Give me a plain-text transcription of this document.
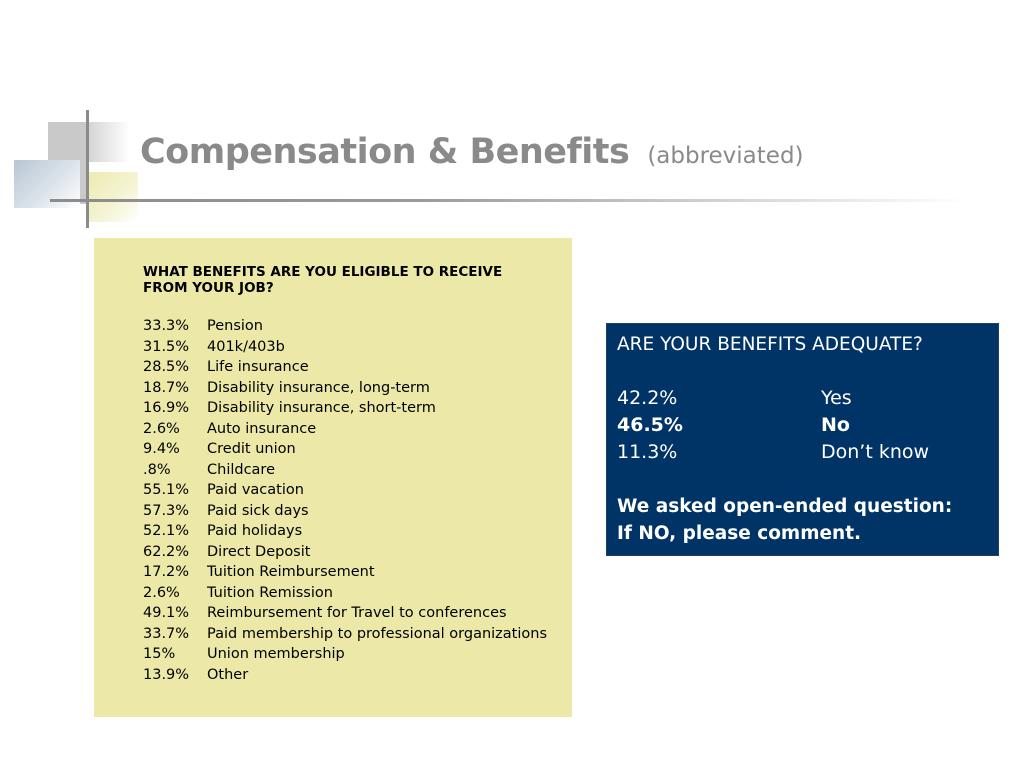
Compensation & Benefits (abbreviated)
WHAT BENEFITS ARE YOU ELIGIBLE TO RECEIVE FROM YOUR JOB?
33.3% Pension
31.5% 401k/403b
28.5% Life insurance
18.7% Disability insurance, long-term
16.9% Disability insurance, short-term
2.6% Auto insurance
9.4% Credit union
.8%	Childcare
55.1% Paid vacation
57.3% Paid sick days
52.1% Paid holidays
62.2% Direct Deposit
17.2% Tuition Reimbursement
2.6% Tuition Remission
49.1% Reimbursement for Travel to conferences
33.7% Paid membership to professional organizations
15% Union membership
13.9% Other
ARE YOUR BENEFITS ADEQUATE?
42.2%	Yes
46.5%	No
11.3%	Don’t know
We asked open-ended question:
If NO, please comment.
